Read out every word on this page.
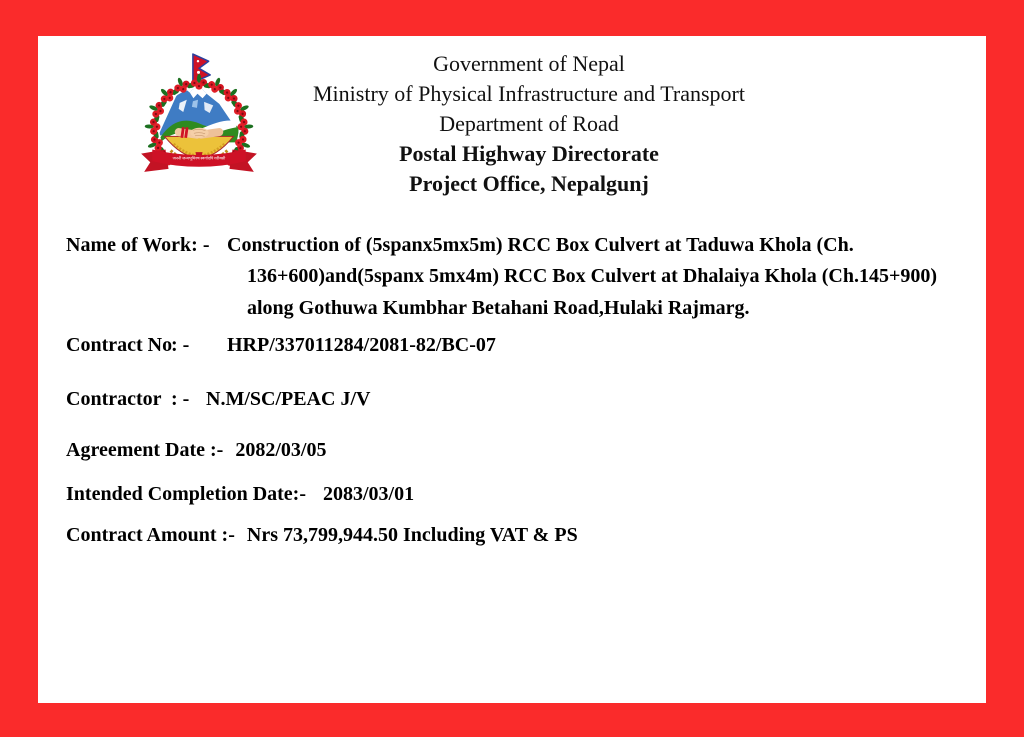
जननी जन्मभूमिश्च स्वर्गादपि गरीयसी
Government of Nepal
Ministry of Physical Infrastructure and Transport
Department of Road
Postal Highway Directorate
Project Office, Nepalgunj
Name of Work: - Construction of (5spanx5mx5m) RCC Box Culvert at Taduwa Khola (Ch.
136+600)and(5spanx 5mx4m) RCC Box Culvert at Dhalaiya Khola (Ch.145+900)
along Gothuwa Kumbhar Betahani Road,Hulaki Rajmarg.
Contract No
: - HRP/337011284/2081-82/BC-07
Contractor : - N.M/SC/PEAC J/V
Agreement Date :- 2082/03/05
Intended Completion Date:- 2083/03/01
Contract Amount :- Nrs 73,799,944.50 Including VAT & PS
